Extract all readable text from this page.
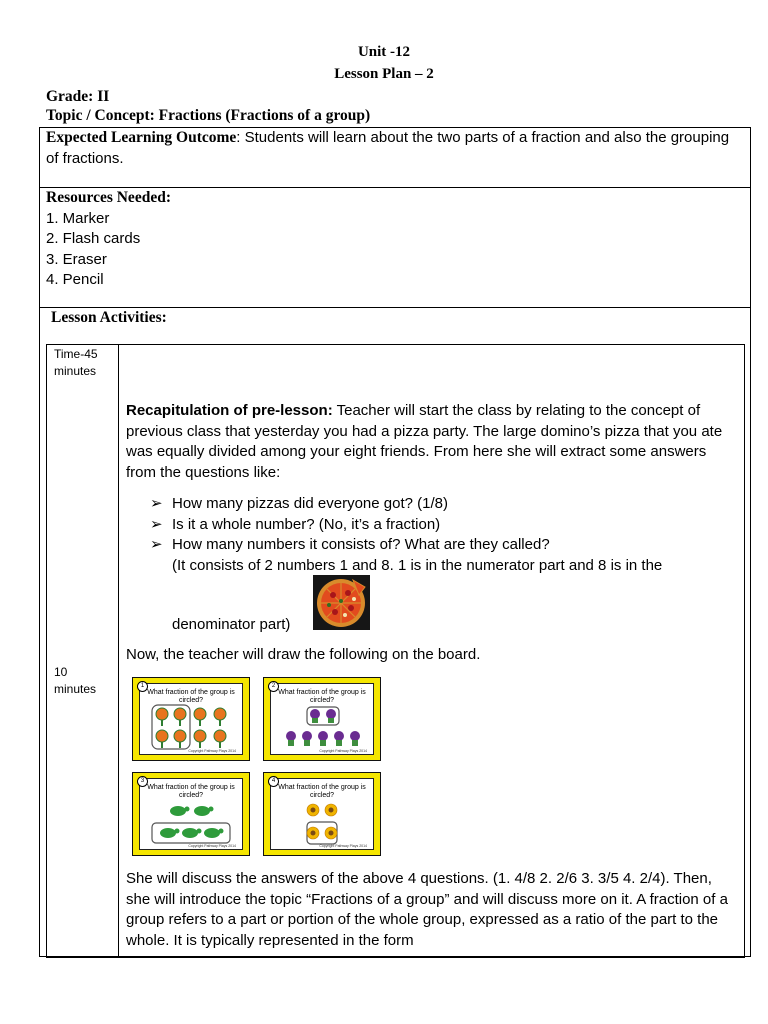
Unit -12
Lesson Plan – 2
Grade: II
Topic / Concept: Fractions (Fractions of a group)
Expected Learning Outcome: Students will learn about the two parts of a fraction and also the grouping of fractions.
Resources Needed:
1. Marker
2. Flash cards
3. Eraser
4. Pencil
Lesson Activities:
Time-45
minutes
10
minutes
Recapitulation of pre-lesson: Teacher will start the class by relating to the concept of previous class that yesterday you had a pizza party. The large domino’s pizza that you ate was equally divided among your eight friends. From here she will extract some answers from the questions like:
➢ How many pizzas did everyone got? (1/8)
➢ Is it a whole number? (No, it’s a fraction)
➢ How many numbers it consists of? What are they called?
(It consists of 2 numbers 1 and 8. 1 is in the numerator part and 8 is in the
denominator part)
Now, the teacher will draw the following on the board.
What fraction of the group is circled?
Copyright Pathway Plays 2014
1
What fraction of the group is circled?
Copyright Pathway Plays 2014
2
What fraction of the group is circled?
Copyright Pathway Plays 2014
3
What fraction of the group is circled?
Copyright Pathway Plays 2014
4
She will discuss the answers of the above 4 questions. (1. 4/8 2. 2/6 3. 3/5 4. 2/4). Then, she will introduce the topic “Fractions of a group” and will discuss more on it. A fraction of a group refers to a part or portion of the whole group, expressed as a ratio of the part to the whole. It is typically represented in the form
